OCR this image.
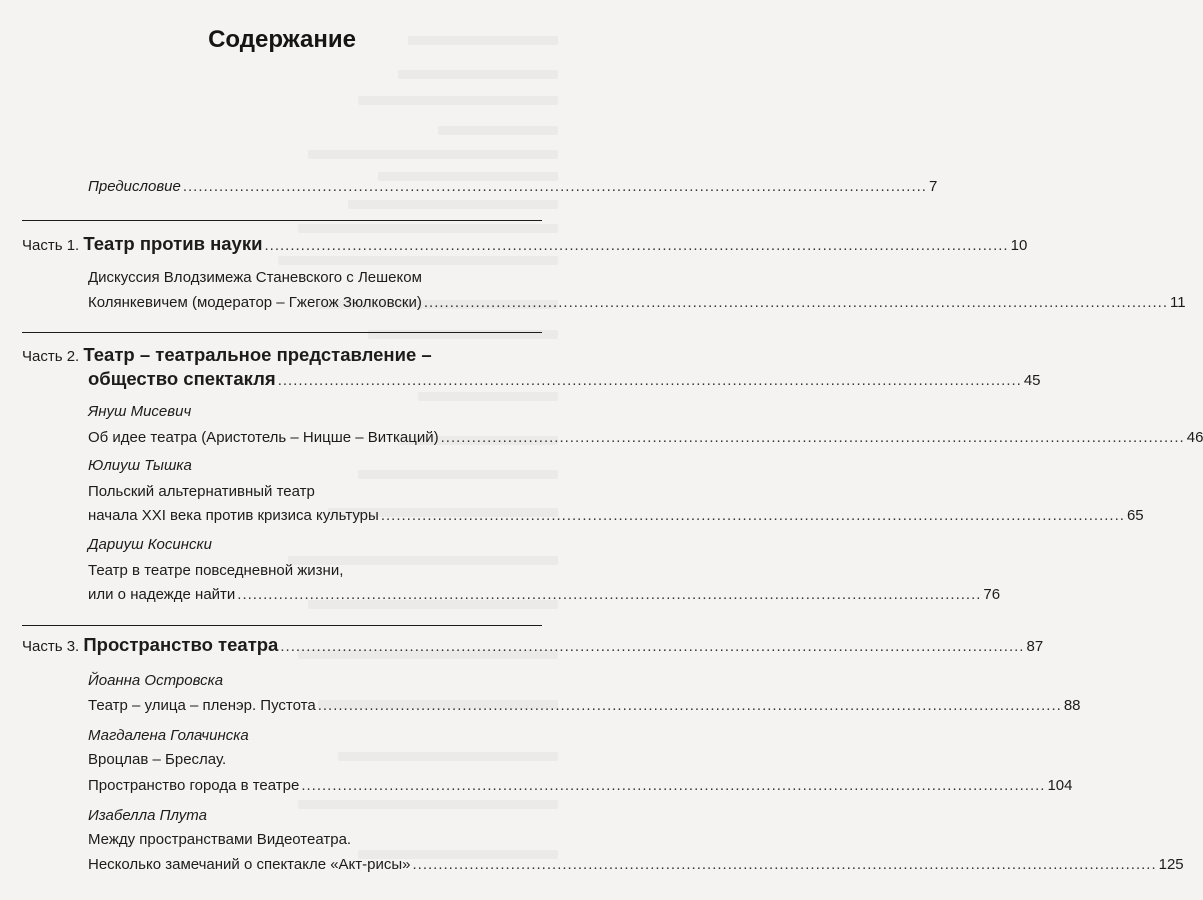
Содержание
Предисловие ................................................................................................................................................ 7
Часть 1.
Театр против науки ................................................................................................................................................ 10
Дискуссия Влодзимежа Станевского с Лешеком
Колянкевичем (модератор – Гжегож Зюлковски) ................................................................................................................................................ 11
Часть 2.
Театр – театральное представление –
общество спектакля ................................................................................................................................................ 45
Януш Мисевич
Об идее театра (Аристотель – Ницше – Виткаций) ................................................................................................................................................ 46
Юлиуш Тышка
Польский альтернативный театр
начала XXI века против кризиса культуры ................................................................................................................................................ 65
Дариуш Косински
Театр в театре повседневной жизни,
или о надежде найти ................................................................................................................................................ 76
Часть 3.
Пространство театра ................................................................................................................................................ 87
Йоанна Островска
Театр – улица – пленэр. Пустота ................................................................................................................................................ 88
Магдалена Голачинска
Вроцлав – Бреслау.
Пространство города в театре ................................................................................................................................................ 104
Изабелла Плута
Между пространствами Видеотеатра.
Несколько замечаний о спектакле «Акт-рисы» ................................................................................................................................................ 125
